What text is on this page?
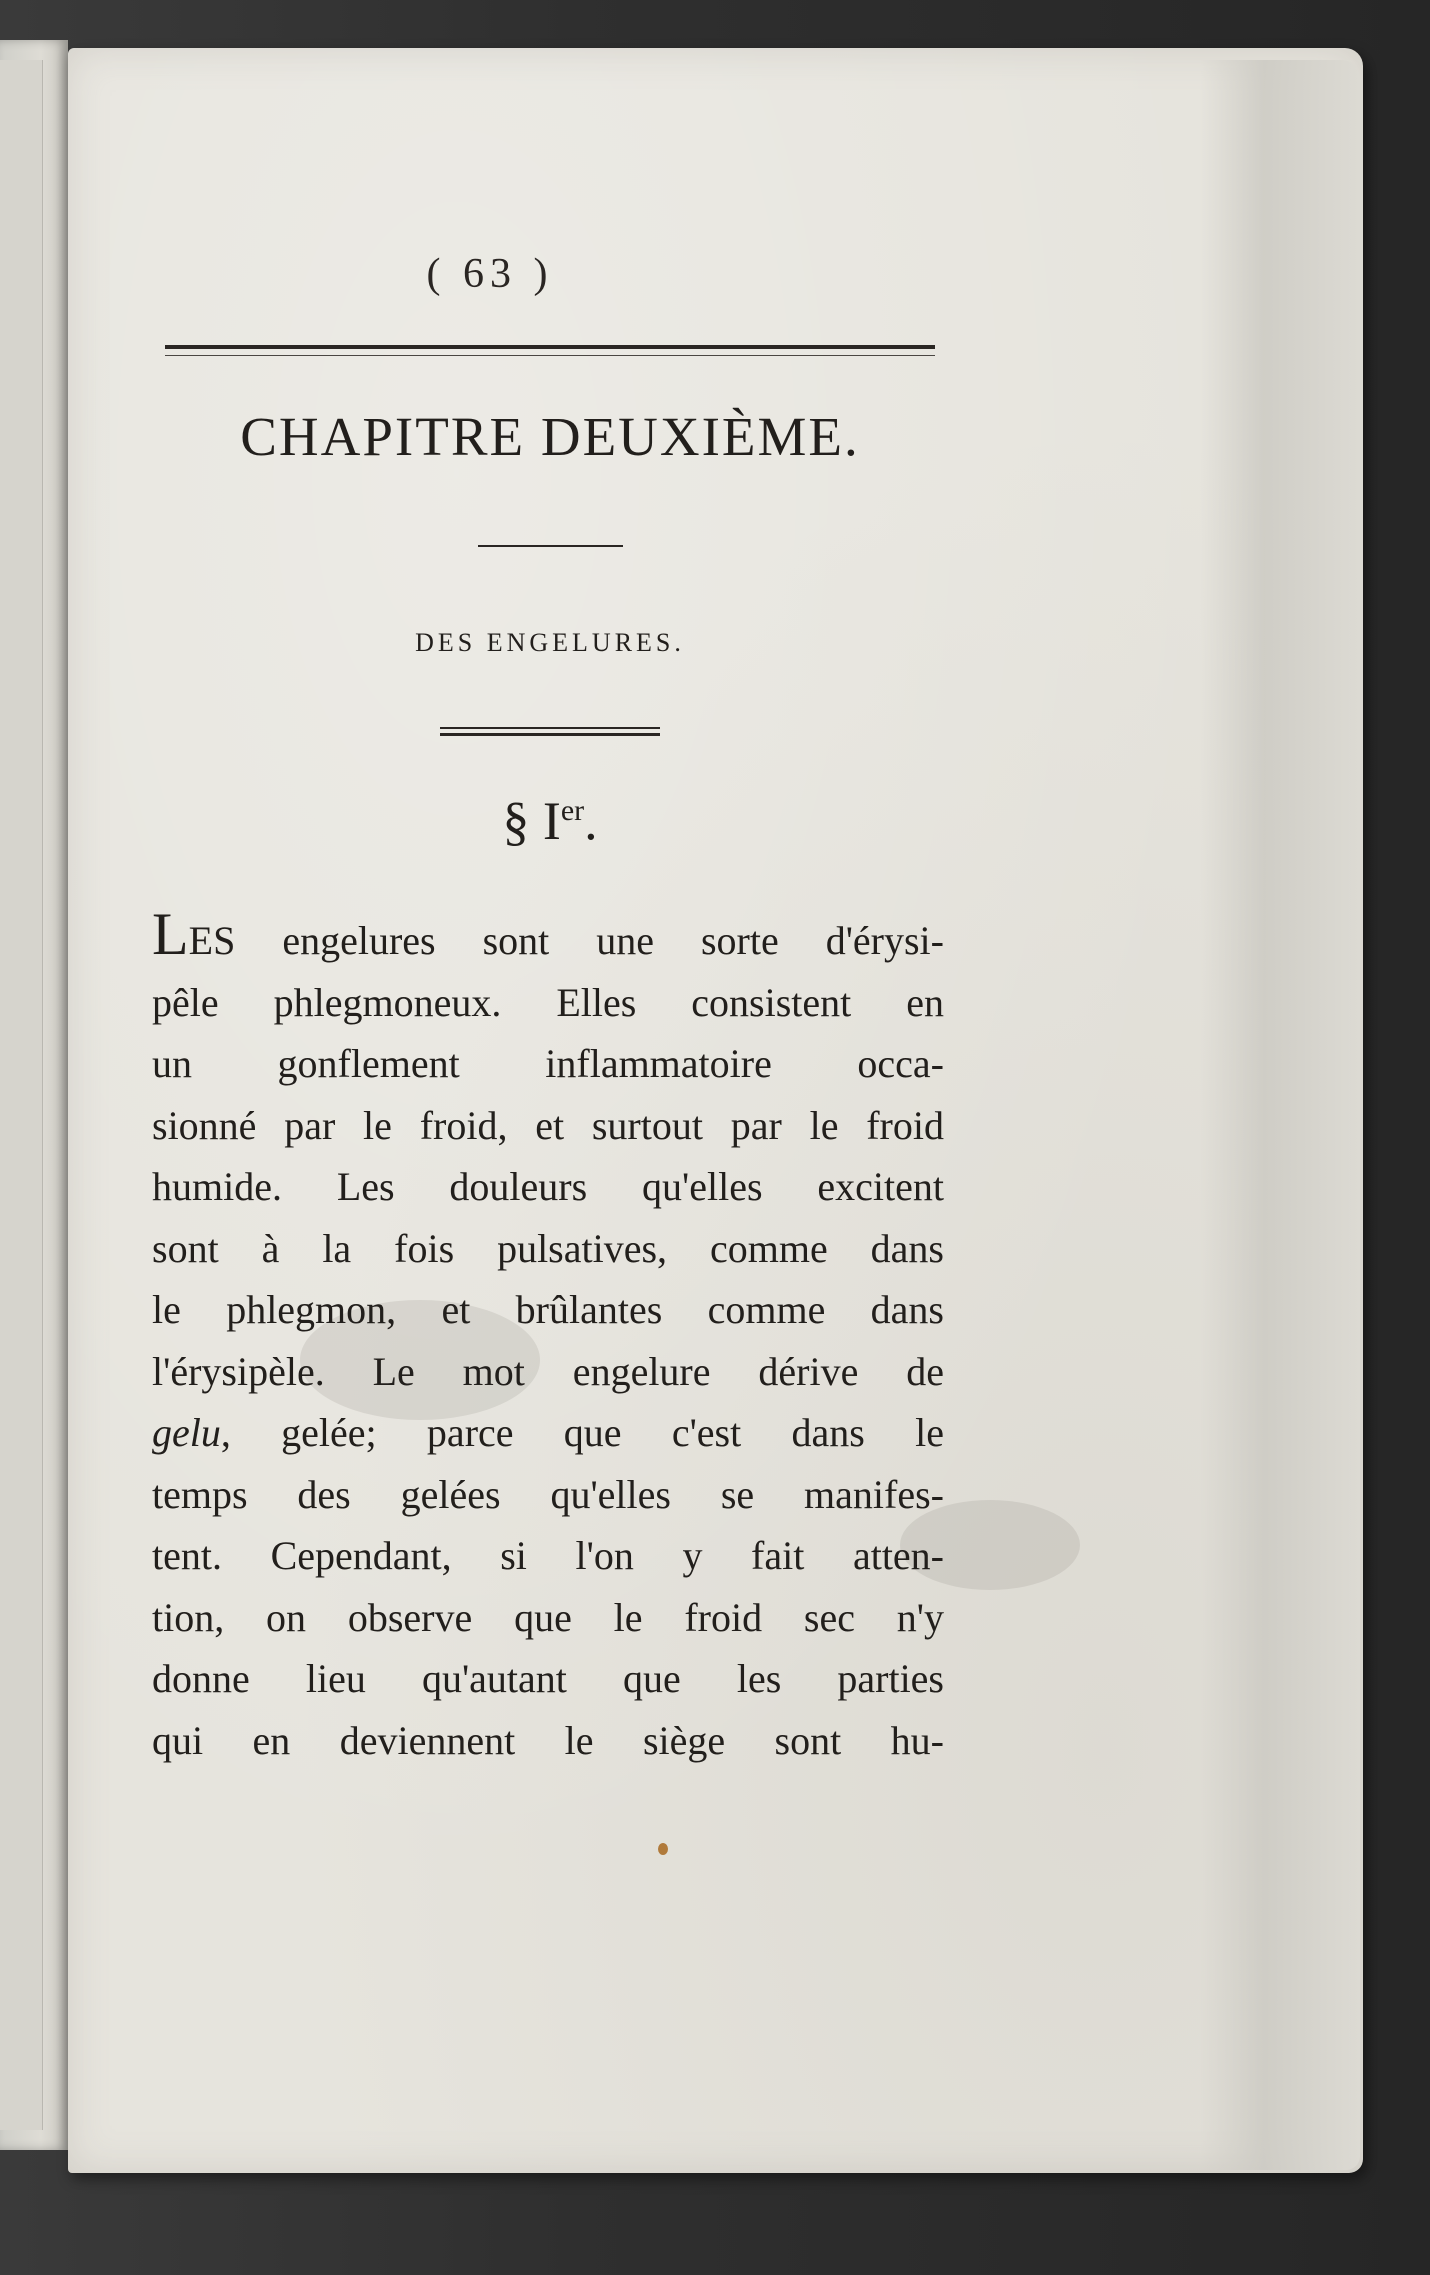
( 63 )
CHAPITRE DEUXIÈME.
DES ENGELURES.
§ Ier.
LES engelures sont une sorte d'érysi-
pêle phlegmoneux. Elles consistent en
un gonflement inflammatoire occa-
sionné par le froid, et surtout par le froid
humide. Les douleurs qu'elles excitent
sont à la fois pulsatives, comme dans
le phlegmon, et brûlantes comme dans
l'érysipèle. Le mot engelure dérive de
gelu, gelée; parce que c'est dans le
temps des gelées qu'elles se manifes-
tent. Cependant, si l'on y fait atten-
tion, on observe que le froid sec n'y
donne lieu qu'autant que les parties
qui en deviennent le siège sont hu-
